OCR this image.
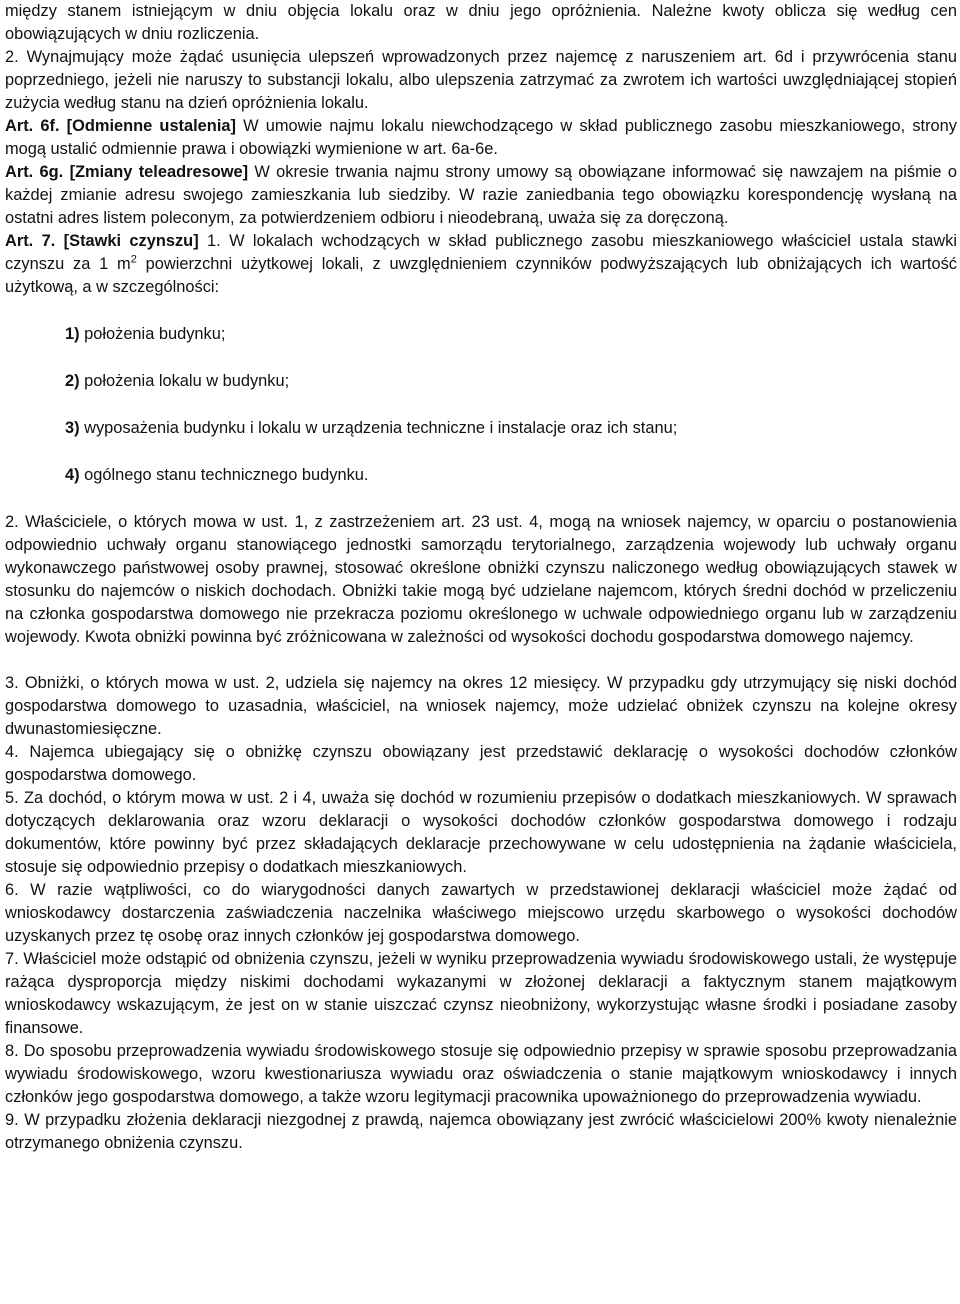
między stanem istniejącym w dniu objęcia lokalu oraz w dniu jego opróżnienia. Należne kwoty oblicza się według cen obowiązujących w dniu rozliczenia.

2. Wynajmujący może żądać usunięcia ulepszeń wprowadzonych przez najemcę z naruszeniem art. 6d i przywrócenia stanu poprzedniego, jeżeli nie naruszy to substancji lokalu, albo ulepszenia zatrzymać za zwrotem ich wartości uwzględniającej stopień zużycia według stanu na dzień opróżnienia lokalu.

Art. 6f. [Odmienne ustalenia] W umowie najmu lokalu niewchodzącego w skład publicznego zasobu mieszkaniowego, strony mogą ustalić odmiennie prawa i obowiązki wymienione w art. 6a-6e.

Art. 6g. [Zmiany teleadresowe] W okresie trwania najmu strony umowy są obowiązane informować się nawzajem na piśmie o każdej zmianie adresu swojego zamieszkania lub siedziby. W razie zaniedbania tego obowiązku korespondencję wysłaną na ostatni adres listem poleconym, za potwierdzeniem odbioru i nieodebraną, uważa się za doręczoną.

Art. 7. [Stawki czynszu] 1. W lokalach wchodzących w skład publicznego zasobu mieszkaniowego właściciel ustala stawki czynszu za 1 $m^2$ powierzchni użytkowej lokali, z uwzględnieniem czynników podwyższających lub obniżających ich wartość użytkową, a w szczególności:

1) położenia budynku;

2) położenia lokalu w budynku;

3) wyposażenia budynku i lokalu w urządzenia techniczne i instalacje oraz ich stanu;

4) ogólnego stanu technicznego budynku.

2. Właściciele, o których mowa w ust. 1, z zastrzeżeniem art. 23 ust. 4, mogą na wniosek najemcy, w oparciu o postanowienia odpowiednio uchwały organu stanowiącego jednostki samorządu terytorialnego, zarządzenia wojewody lub uchwały organu wykonawczego państwowej osoby prawnej, stosować określone obniżki czynszu naliczonego według obowiązujących stawek w stosunku do najemców o niskich dochodach. Obniżki takie mogą być udzielane najemcom, których średni dochód w przeliczeniu na członka gospodarstwa domowego nie przekracza poziomu określonego w uchwale odpowiedniego organu lub w zarządzeniu wojewody. Kwota obniżki powinna być zróżnicowana w zależności od wysokości dochodu gospodarstwa domowego najemcy.

3. Obniżki, o których mowa w ust. 2, udziela się najemcy na okres 12 miesięcy. W przypadku gdy utrzymujący się niski dochód gospodarstwa domowego to uzasadnia, właściciel, na wniosek najemcy, może udzielać obniżek czynszu na kolejne okresy dwunastomiesięczne.

4. Najemca ubiegający się o obniżkę czynszu obowiązany jest przedstawić deklarację o wysokości dochodów członków gospodarstwa domowego.

5. Za dochód, o którym mowa w ust. 2 i 4, uważa się dochód w rozumieniu przepisów o dodatkach mieszkaniowych. W sprawach dotyczących deklarowania oraz wzoru deklaracji o wysokości dochodów członków gospodarstwa domowego i rodzaju dokumentów, które powinny być przez składających deklaracje przechowywane w celu udostępnienia na żądanie właściciela, stosuje się odpowiednio przepisy o dodatkach mieszkaniowych.

6. W razie wątpliwości, co do wiarygodności danych zawartych w przedstawionej deklaracji właściciel może żądać od wnioskodawcy dostarczenia zaświadczenia naczelnika właściwego miejscowo urzędu skarbowego o wysokości dochodów uzyskanych przez tę osobę oraz innych członków jej gospodarstwa domowego.

7. Właściciel może odstąpić od obniżenia czynszu, jeżeli w wyniku przeprowadzenia wywiadu środowiskowego ustali, że występuje rażąca dysproporcja między niskimi dochodami wykazanymi w złożonej deklaracji a faktycznym stanem majątkowym wnioskodawcy wskazującym, że jest on w stanie uiszczać czynsz nieobniżony, wykorzystując własne środki i posiadane zasoby finansowe.

8. Do sposobu przeprowadzenia wywiadu środowiskowego stosuje się odpowiednio przepisy w sprawie sposobu przeprowadzania wywiadu środowiskowego, wzoru kwestionariusza wywiadu oraz oświadczenia o stanie majątkowym wnioskodawcy i innych członków jego gospodarstwa domowego, a także wzoru legitymacji pracownika upoważnionego do przeprowadzenia wywiadu.

9. W przypadku złożenia deklaracji niezgodnej z prawdą, najemca obowiązany jest zwrócić właścicielowi 200% kwoty nienależnie otrzymanego obniżenia czynszu.
